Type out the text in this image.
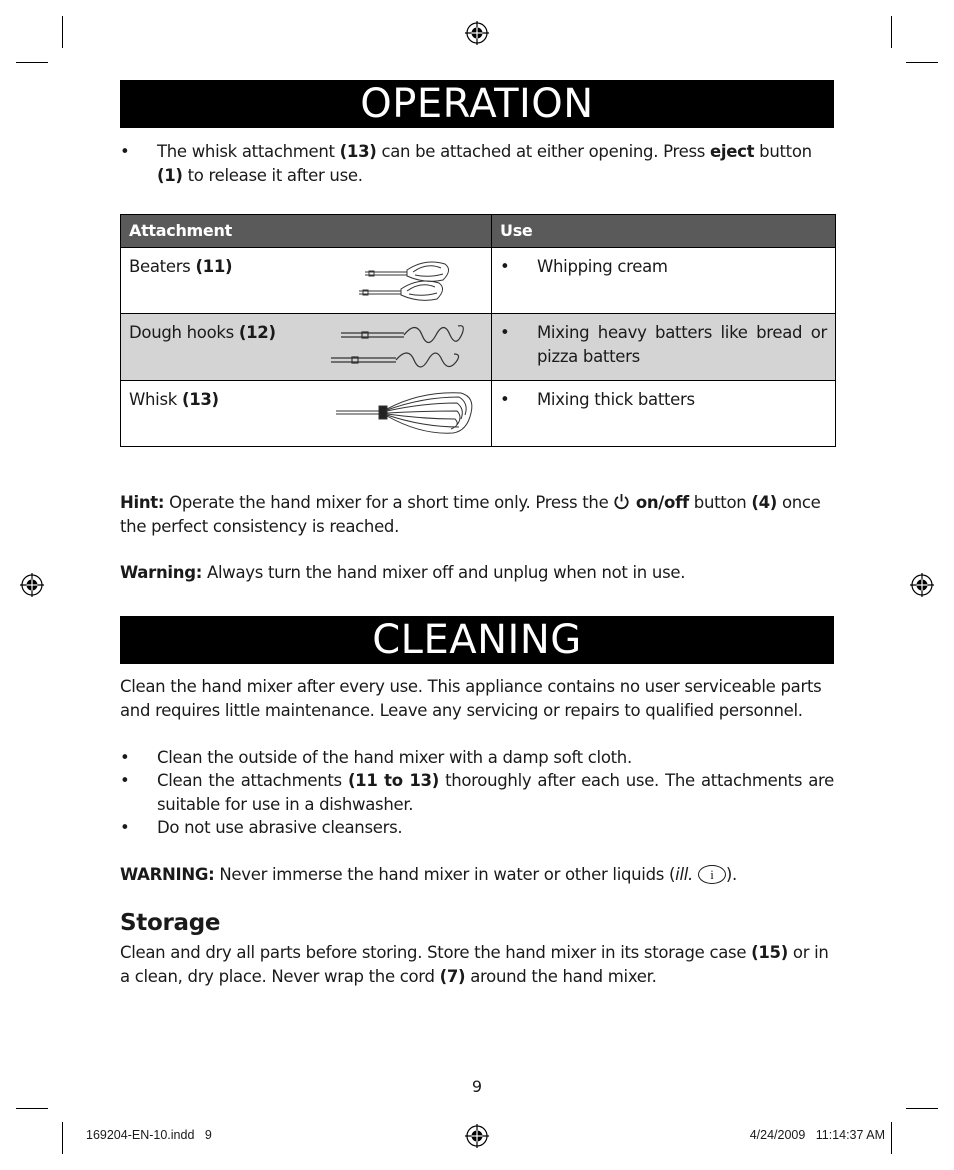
OPERATION
• The whisk attachment (13) can be attached at either opening. Press eject button (1) to release it after use.
Attachment	Use

Beaters (11)	• Whipping cream

Dough hooks (12)	• Mixing heavy batters like bread or pizza batters

Whisk (13)	• Mixing thick batters
Hint: Operate the hand mixer for a short time only. Press the  on/off button (4) once the perfect consistency is reached.
Warning: Always turn the hand mixer off and unplug when not in use.
CLEANING
Clean the hand mixer after every use. This appliance contains no user serviceable parts and requires little maintenance. Leave any servicing or repairs to qualified personnel.
• Clean the outside of the hand mixer with a damp soft cloth.
• Clean the attachments (11 to 13) thoroughly after each use. The attachments are suitable for use in a dishwasher.
• Do not use abrasive cleansers.
WARNING: Never immerse the hand mixer in water or other liquids (ill. i ).
Storage
Clean and dry all parts before storing. Store the hand mixer in its storage case (15) or in a clean, dry place. Never wrap the cord (7) around the hand mixer.
9
169204-EN-10.indd   9	4/24/2009   11:14:37 AM
